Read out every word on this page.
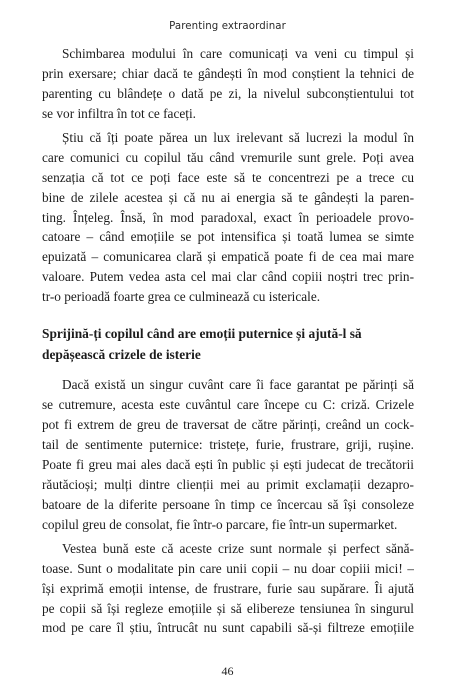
Parenting extraordinar
Schimbarea modului în care comunicați va veni cu timpul și
prin exersare; chiar dacă te gândești în mod conștient la tehnici de
parenting cu blândețe o dată pe zi, la nivelul subconștientului tot
se vor infiltra în tot ce faceți.
Știu că îți poate părea un lux irelevant să lucrezi la modul în
care comunici cu copilul tău când vremurile sunt grele. Poți avea
senzația că tot ce poți face este să te concentrezi pe a trece cu
bine de zilele acestea și că nu ai energia să te gândești la paren-
ting. Înțeleg. Însă, în mod paradoxal, exact în perioadele provo-
catoare – când emoțiile se pot intensifica și toată lumea se simte
epuizată – comunicarea clară și empatică poate fi de cea mai mare
valoare. Putem vedea asta cel mai clar când copiii noștri trec prin-
tr-o perioadă foarte grea ce culminează cu istericale.
Sprijină-ți copilul când are emoții puternice și ajută-l să
depășească crizele de isterie
Dacă există un singur cuvânt care îi face garantat pe părinți să
se cutremure, acesta este cuvântul care începe cu C: criză. Crizele
pot fi extrem de greu de traversat de către părinți, creând un cock-
tail de sentimente puternice: tristețe, furie, frustrare, griji, rușine.
Poate fi greu mai ales dacă ești în public și ești judecat de trecătorii
răutăcioși; mulți dintre clienții mei au primit exclamații dezapro-
batoare de la diferite persoane în timp ce încercau să își consoleze
copilul greu de consolat, fie într-o parcare, fie într-un supermarket.
Vestea bună este că aceste crize sunt normale și perfect sănă-
toase. Sunt o modalitate pin care unii copii – nu doar copiii mici! –
își exprimă emoții intense, de frustrare, furie sau supărare. Îi ajută
pe copii să își regleze emoțiile și să elibereze tensiunea în singurul
mod pe care îl știu, întrucât nu sunt capabili să-și filtreze emoțiile
46
